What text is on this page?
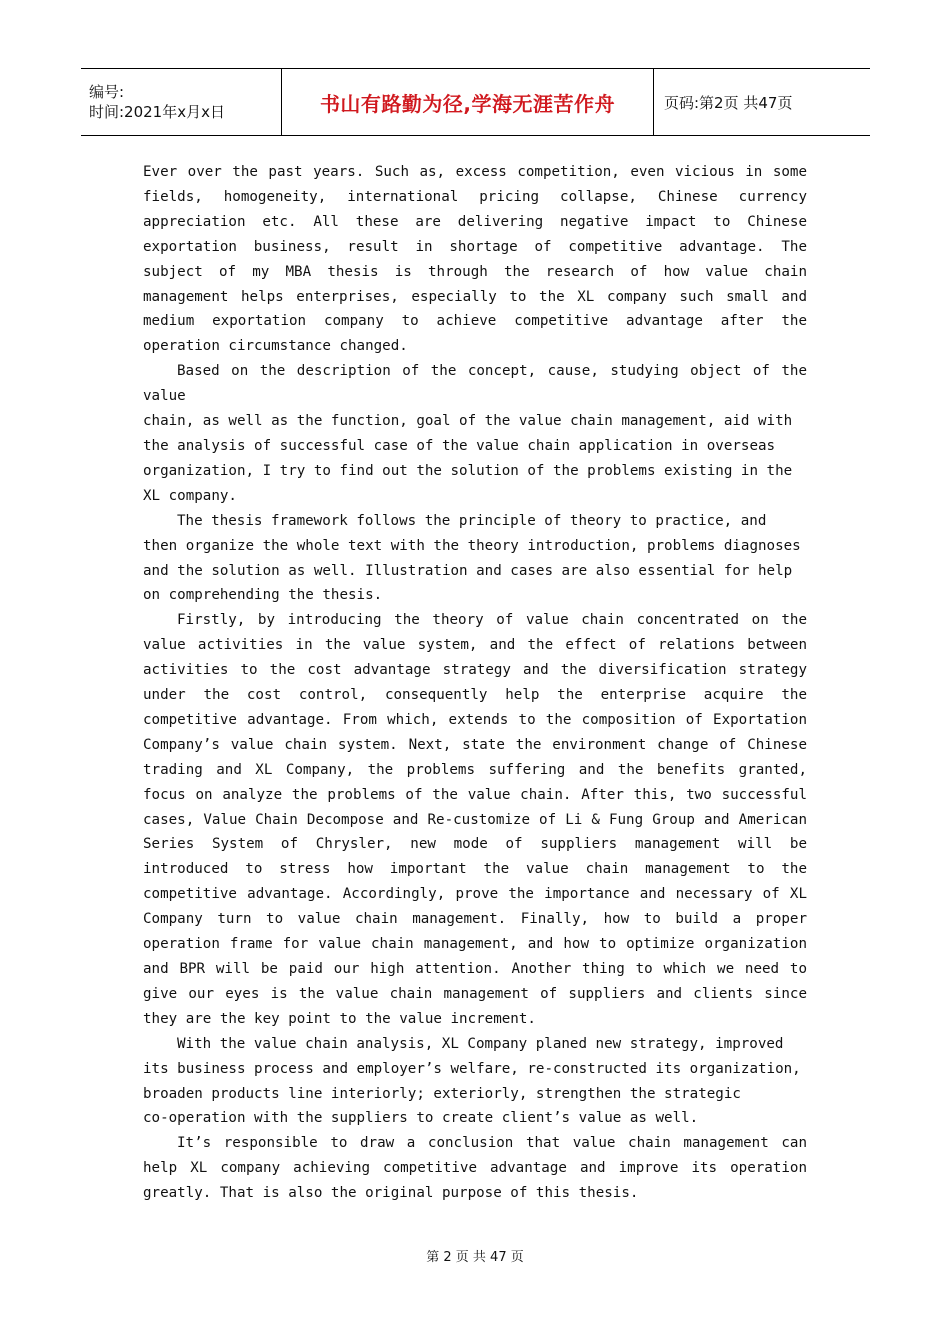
编号:
时间:2021年x月x日	书山有路勤为径,学海无涯苦作舟	页码:第2页 共47页

Ever over the past years. Such as, excess competition, even vicious in some fields, homogeneity, international pricing collapse, Chinese currency appreciation etc. All these are delivering negative impact to Chinese exportation business, result in shortage of competitive advantage. The subject of my MBA thesis is through the research of how value chain management helps enterprises, especially to the XL company such small and medium exportation company to achieve competitive advantage after the operation circumstance changed.

Based on the description of the concept, cause, studying object of the value

chain, as well as the function, goal of the value chain management, aid with the analysis of successful case of the value chain application in overseas organization, I try to find out the solution of the problems existing in the XL company.

The thesis framework follows the principle of theory to practice, and then organize the whole text with the theory introduction, problems diagnoses and the solution as well. Illustration and cases are also essential for help on comprehending the thesis.

Firstly, by introducing the theory of value chain concentrated on the value activities in the value system, and the effect of relations between activities to the cost advantage strategy and the diversification strategy under the cost control, consequently help the enterprise acquire the competitive advantage. From which, extends to the composition of Exportation Company’s value chain system. Next, state the environment change of Chinese trading and XL Company, the problems suffering and the benefits granted, focus on analyze the problems of the value chain. After this, two successful cases, Value Chain Decompose and Re-customize of Li & Fung Group and American Series System of Chrysler, new mode of suppliers management will be introduced to stress how important the value chain management to the competitive advantage. Accordingly, prove the importance and necessary of XL Company turn to value chain management. Finally, how to build a proper operation frame for value chain management, and how to optimize organization and BPR will be paid our high attention. Another thing to which we need to give our eyes is the value chain management of suppliers and clients since they are the key point to the value increment.

With the value chain analysis, XL Company planed new strategy, improved its business process and employer’s welfare, re-constructed its organization, broaden products line interiorly; exteriorly, strengthen the strategic

co-operation with the suppliers to create client’s value as well.

It’s responsible to draw a conclusion that value chain management can help XL company achieving competitive advantage and improve its operation greatly. That is also the original purpose of this thesis.

第 2 页 共 47 页
